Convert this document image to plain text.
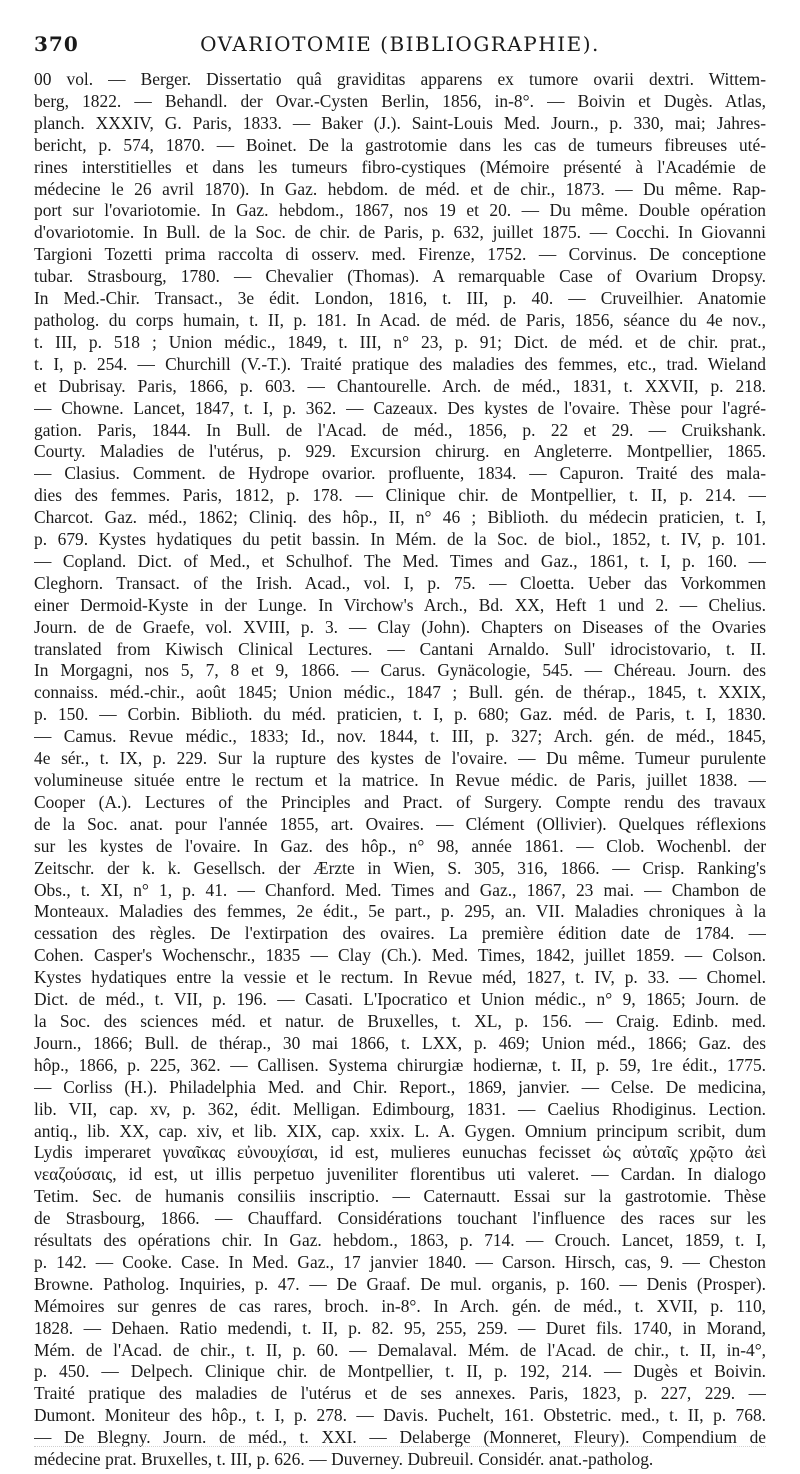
370	OVARIOTOMIE (BIBLIOGRAPHIE).
00 vol. — Berger. Dissertatio quâ graviditas apparens ex tumore ovarii dextri. Wittem-
berg, 1822. — Behandl. der Ovar.-Cysten Berlin, 1856, in-8°. — Boivin et Dugès. Atlas,
planch. XXXIV, G. Paris, 1833. — Baker (J.). Saint-Louis Med. Journ., p. 330, mai; Jahres-
bericht, p. 574, 1870. — Boinet. De la gastrotomie dans les cas de tumeurs fibreuses uté-
rines interstitielles et dans les tumeurs fibro-cystiques (Mémoire présenté à l'Académie de
médecine le 26 avril 1870). In Gaz. hebdom. de méd. et de chir., 1873. — Du même. Rap-
port sur l'ovariotomie. In Gaz. hebdom., 1867, nos 19 et 20. — Du même. Double opération
d'ovariotomie. In Bull. de la Soc. de chir. de Paris, p. 632, juillet 1875. — Cocchi. In Giovanni
Targioni Tozetti prima raccolta di osserv. med. Firenze, 1752. — Corvinus. De conceptione
tubar. Strasbourg, 1780. — Chevalier (Thomas). A remarquable Case of Ovarium Dropsy.
In Med.-Chir. Transact., 3e édit. London, 1816, t. III, p. 40. — Cruveilhier. Anatomie
patholog. du corps humain, t. II, p. 181. In Acad. de méd. de Paris, 1856, séance du 4e nov.,
t. III, p. 518 ; Union médic., 1849, t. III, n° 23, p. 91; Dict. de méd. et de chir. prat.,
t. I, p. 254. — Churchill (V.-T.). Traité pratique des maladies des femmes, etc., trad. Wieland
et Dubrisay. Paris, 1866, p. 603. — Chantourelle. Arch. de méd., 1831, t. XXVII, p. 218.
— Chowne. Lancet, 1847, t. I, p. 362. — Cazeaux. Des kystes de l'ovaire. Thèse pour l'agré-
gation. Paris, 1844. In Bull. de l'Acad. de méd., 1856, p. 22 et 29. — Cruikshank.
Courty. Maladies de l'utérus, p. 929. Excursion chirurg. en Angleterre. Montpellier, 1865.
— Clasius. Comment. de Hydrope ovarior. profluente, 1834. — Capuron. Traité des mala-
dies des femmes. Paris, 1812, p. 178. — Clinique chir. de Montpellier, t. II, p. 214. —
Charcot. Gaz. méd., 1862; Cliniq. des hôp., II, n° 46 ; Biblioth. du médecin praticien, t. I,
p. 679. Kystes hydatiques du petit bassin. In Mém. de la Soc. de biol., 1852, t. IV, p. 101.
— Copland. Dict. of Med., et Schulhof. The Med. Times and Gaz., 1861, t. I, p. 160. —
Cleghorn. Transact. of the Irish. Acad., vol. I, p. 75. — Cloetta. Ueber das Vorkommen
einer Dermoid-Kyste in der Lunge. In Virchow's Arch., Bd. XX, Heft 1 und 2. — Chelius.
Journ. de de Graefe, vol. XVIII, p. 3. — Clay (John). Chapters on Diseases of the Ovaries
translated from Kiwisch Clinical Lectures. — Cantani Arnaldo. Sull' idrocistovario, t. II.
In Morgagni, nos 5, 7, 8 et 9, 1866. — Carus. Gynäcologie, 545. — Chéreau. Journ. des
connaiss. méd.-chir., août 1845; Union médic., 1847 ; Bull. gén. de thérap., 1845, t. XXIX,
p. 150. — Corbin. Biblioth. du méd. praticien, t. I, p. 680; Gaz. méd. de Paris, t. I, 1830.
— Camus. Revue médic., 1833; Id., nov. 1844, t. III, p. 327; Arch. gén. de méd., 1845,
4e sér., t. IX, p. 229. Sur la rupture des kystes de l'ovaire. — Du même. Tumeur purulente
volumineuse située entre le rectum et la matrice. In Revue médic. de Paris, juillet 1838. —
Cooper (A.). Lectures of the Principles and Pract. of Surgery. Compte rendu des travaux
de la Soc. anat. pour l'année 1855, art. Ovaires. — Clément (Ollivier). Quelques réflexions
sur les kystes de l'ovaire. In Gaz. des hôp., n° 98, année 1861. — Clob. Wochenbl. der
Zeitschr. der k. k. Gesellsch. der Ærzte in Wien, S. 305, 316, 1866. — Crisp. Ranking's
Obs., t. XI, n° 1, p. 41. — Chanford. Med. Times and Gaz., 1867, 23 mai. — Chambon de
Monteaux. Maladies des femmes, 2e édit., 5e part., p. 295, an. VII. Maladies chroniques à la
cessation des règles. De l'extirpation des ovaires. La première édition date de 1784. —
Cohen. Casper's Wochenschr., 1835 — Clay (Ch.). Med. Times, 1842, juillet 1859. — Colson.
Kystes hydatiques entre la vessie et le rectum. In Revue méd, 1827, t. IV, p. 33. — Chomel.
Dict. de méd., t. VII, p. 196. — Casati. L'Ipocratico et Union médic., n° 9, 1865; Journ. de
la Soc. des sciences méd. et natur. de Bruxelles, t. XL, p. 156. — Craig. Edinb. med.
Journ., 1866; Bull. de thérap., 30 mai 1866, t. LXX, p. 469; Union méd., 1866; Gaz. des
hôp., 1866, p. 225, 362. — Callisen. Systema chirurgiæ hodiernæ, t. II, p. 59, 1re édit., 1775.
— Corliss (H.). Philadelphia Med. and Chir. Report., 1869, janvier. — Celse. De medicina,
lib. VII, cap. xv, p. 362, édit. Melligan. Edimbourg, 1831. — Caelius Rhodiginus. Lection.
antiq., lib. XX, cap. xiv, et lib. XIX, cap. xxix. L. A. Gygen. Omnium principum scribit, dum
Lydis imperaret γυναῖκας εὐνουχίσαι, id est, mulieres eunuchas fecisset ὡς αὐταῖς χρῷτο ἀεὶ
νεαζούσαις, id est, ut illis perpetuo juveniliter florentibus uti valeret. — Cardan. In dialogo
Tetim. Sec. de humanis consiliis inscriptio. — Caternautt. Essai sur la gastrotomie. Thèse
de Strasbourg, 1866. — Chauffard. Considérations touchant l'influence des races sur les
résultats des opérations chir. In Gaz. hebdom., 1863, p. 714. — Crouch. Lancet, 1859, t. I,
p. 142. — Cooke. Case. In Med. Gaz., 17 janvier 1840. — Carson. Hirsch, cas, 9. — Cheston
Browne. Patholog. Inquiries, p. 47. — De Graaf. De mul. organis, p. 160. — Denis (Prosper).
Mémoires sur genres de cas rares, broch. in-8°. In Arch. gén. de méd., t. XVII, p. 110,
1828. — Dehaen. Ratio medendi, t. II, p. 82. 95, 255, 259. — Duret fils. 1740, in Morand,
Mém. de l'Acad. de chir., t. II, p. 60. — Demalaval. Mém. de l'Acad. de chir., t. II, in-4°,
p. 450. — Delpech. Clinique chir. de Montpellier, t. II, p. 192, 214. — Dugès et Boivin.
Traité pratique des maladies de l'utérus et de ses annexes. Paris, 1823, p. 227, 229. —
Dumont. Moniteur des hôp., t. I, p. 278. — Davis. Puchelt, 161. Obstetric. med., t. II, p. 768.
— De Blegny. Journ. de méd., t. XXI. — Delaberge (Monneret, Fleury). Compendium de
médecine prat. Bruxelles, t. III, p. 626. — Duverney. Dubreuil. Considér. anat.-patholog.
